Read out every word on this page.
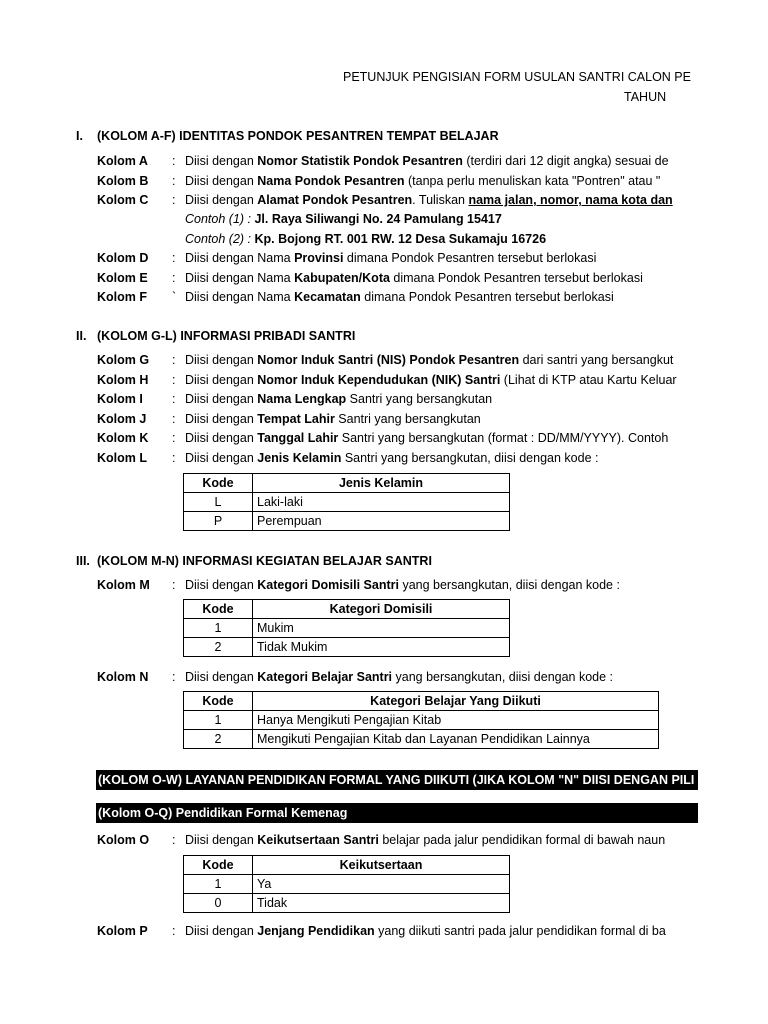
PETUNJUK PENGISIAN FORM USULAN SANTRI CALON PE
TAHUN
I. (KOLOM A-F) IDENTITAS PONDOK PESANTREN TEMPAT BELAJAR
Kolom A : Diisi dengan Nomor Statistik Pondok Pesantren (terdiri dari 12 digit angka) sesuai de
Kolom B : Diisi dengan Nama Pondok Pesantren (tanpa perlu menuliskan kata "Pontren" atau "
Kolom C : Diisi dengan Alamat Pondok Pesantren. Tuliskan nama jalan, nomor, nama kota dan
Contoh (1) : Jl. Raya Siliwangi No. 24 Pamulang 15417
Contoh (2) : Kp. Bojong RT. 001 RW. 12 Desa Sukamaju 16726
Kolom D : Diisi dengan Nama Provinsi dimana Pondok Pesantren tersebut berlokasi
Kolom E : Diisi dengan Nama Kabupaten/Kota dimana Pondok Pesantren tersebut berlokasi
Kolom F ` Diisi dengan Nama Kecamatan dimana Pondok Pesantren tersebut berlokasi
II. (KOLOM G-L) INFORMASI PRIBADI SANTRI
Kolom G : Diisi dengan Nomor Induk Santri (NIS) Pondok Pesantren dari santri yang bersangkut
Kolom H : Diisi dengan Nomor Induk Kependudukan (NIK) Santri (Lihat di KTP atau Kartu Keluar
Kolom I : Diisi dengan Nama Lengkap Santri yang bersangkutan
Kolom J : Diisi dengan Tempat Lahir Santri yang bersangkutan
Kolom K : Diisi dengan Tanggal Lahir Santri yang bersangkutan (format : DD/MM/YYYY). Contoh
Kolom L : Diisi dengan Jenis Kelamin Santri yang bersangkutan, diisi dengan kode :
Kode	Jenis Kelamin
L	Laki-laki
P	Perempuan
III. (KOLOM M-N) INFORMASI KEGIATAN BELAJAR SANTRI
Kolom M : Diisi dengan Kategori Domisili Santri yang bersangkutan, diisi dengan kode :
Kode	Kategori Domisili
1	Mukim
2	Tidak Mukim
Kolom N : Diisi dengan Kategori Belajar Santri yang bersangkutan, diisi dengan kode :
Kode	Kategori Belajar Yang Diikuti
1	Hanya Mengikuti Pengajian Kitab
2	Mengikuti Pengajian Kitab dan Layanan Pendidikan Lainnya
(KOLOM O-W) LAYANAN PENDIDIKAN FORMAL YANG DIIKUTI (JIKA KOLOM "N" DIISI DENGAN PILI
(Kolom O-Q) Pendidikan Formal Kemenag
Kolom O : Diisi dengan Keikutsertaan Santri belajar pada jalur pendidikan formal di bawah naun
Kode	Keikutsertaan
1	Ya
0	Tidak
Kolom P : Diisi dengan Jenjang Pendidikan yang diikuti santri pada jalur pendidikan formal di ba
